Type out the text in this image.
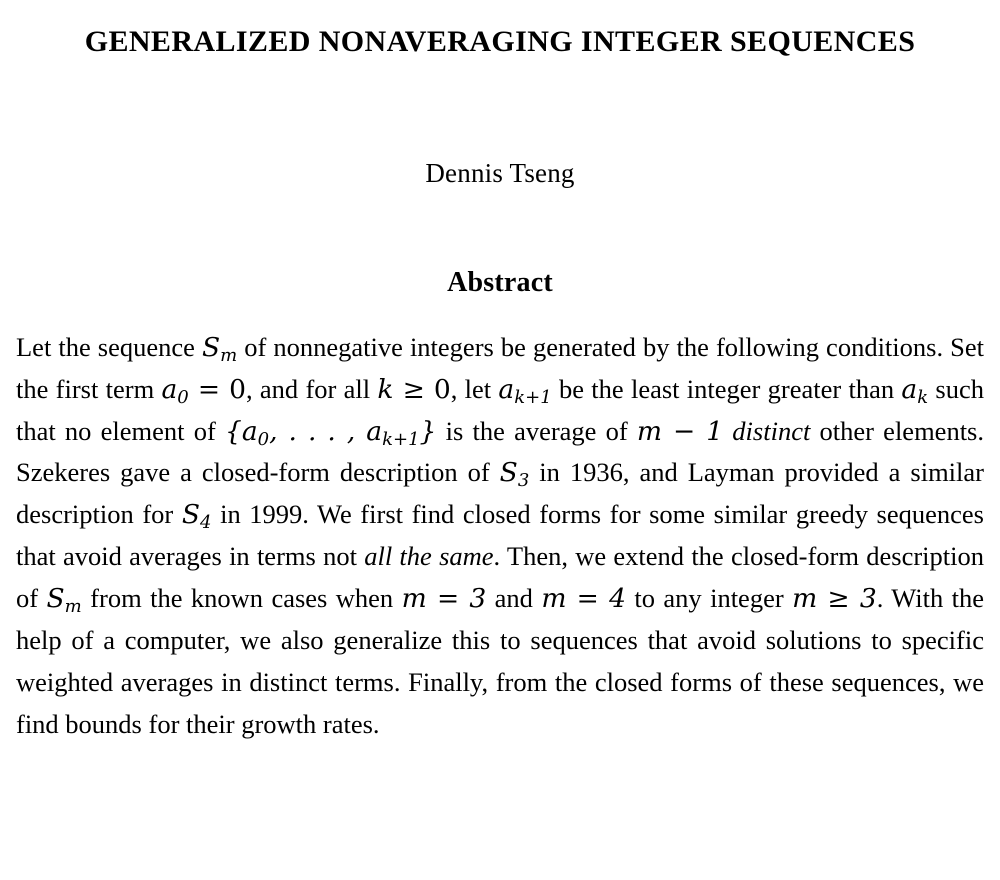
GENERALIZED NONAVERAGING INTEGER SEQUENCES
Dennis Tseng
Abstract

Let the sequence $S_m$ of nonnegative integers be generated by the following conditions. Set the first term $a_0 = 0$, and for all k ≥ 0, let $a_{k+1}$ be the least integer greater than $a_k$ such that no element of {$a_0$, . . . , $a_{k+1}$} is the average of m − 1 distinct other elements. Szekeres gave a closed-form description of $S_3$ in 1936, and Layman provided a similar description for $S_4$ in 1999. We first find closed forms for some similar greedy sequences that avoid averages in terms not all the same. Then, we extend the closed-form description of $S_m$ from the known cases when m = 3 and m = 4 to any integer m ≥ 3. With the help of a computer, we also generalize this to sequences that avoid solutions to specific weighted averages in distinct terms. Finally, from the closed forms of these sequences, we find bounds for their growth rates.
